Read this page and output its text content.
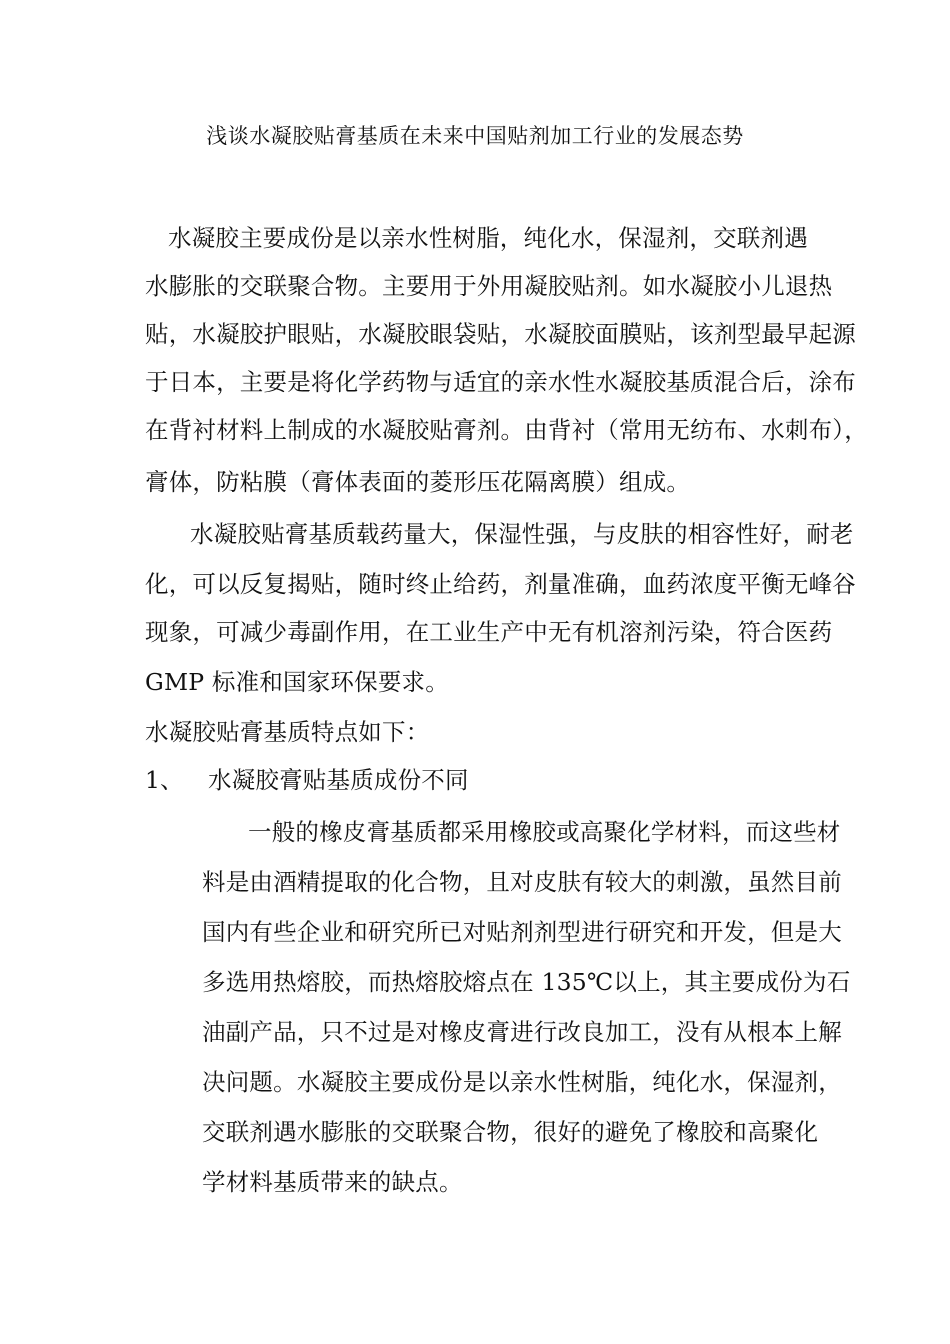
浅谈水凝胶贴膏基质在未来中国贴剂加工行业的发展态势
水凝胶主要成份是以亲水性树脂，纯化水，保湿剂，交联剂遇
水膨胀的交联聚合物。主要用于外用凝胶贴剂。如水凝胶小儿退热
贴，水凝胶护眼贴，水凝胶眼袋贴，水凝胶面膜贴，该剂型最早起源
于日本，主要是将化学药物与适宜的亲水性水凝胶基质混合后，涂布
在背衬材料上制成的水凝胶贴膏剂。由背衬（常用无纺布、水刺布），
膏体，防粘膜（膏体表面的菱形压花隔离膜）组成。
水凝胶贴膏基质载药量大，保湿性强，与皮肤的相容性好，耐老
化，可以反复揭贴，随时终止给药，剂量准确，血药浓度平衡无峰谷
现象，可减少毒副作用，在工业生产中无有机溶剂污染，符合医药
GMP 标准和国家环保要求。
水凝胶贴膏基质特点如下：
1、 水凝胶膏贴基质成份不同
一般的橡皮膏基质都采用橡胶或高聚化学材料，而这些材
料是由酒精提取的化合物，且对皮肤有较大的刺激，虽然目前
国内有些企业和研究所已对贴剂剂型进行研究和开发，但是大
多选用热熔胶，而热熔胶熔点在 135℃以上，其主要成份为石
油副产品，只不过是对橡皮膏进行改良加工，没有从根本上解
决问题。水凝胶主要成份是以亲水性树脂，纯化水，保湿剂，
交联剂遇水膨胀的交联聚合物，很好的避免了橡胶和高聚化
学材料基质带来的缺点。
